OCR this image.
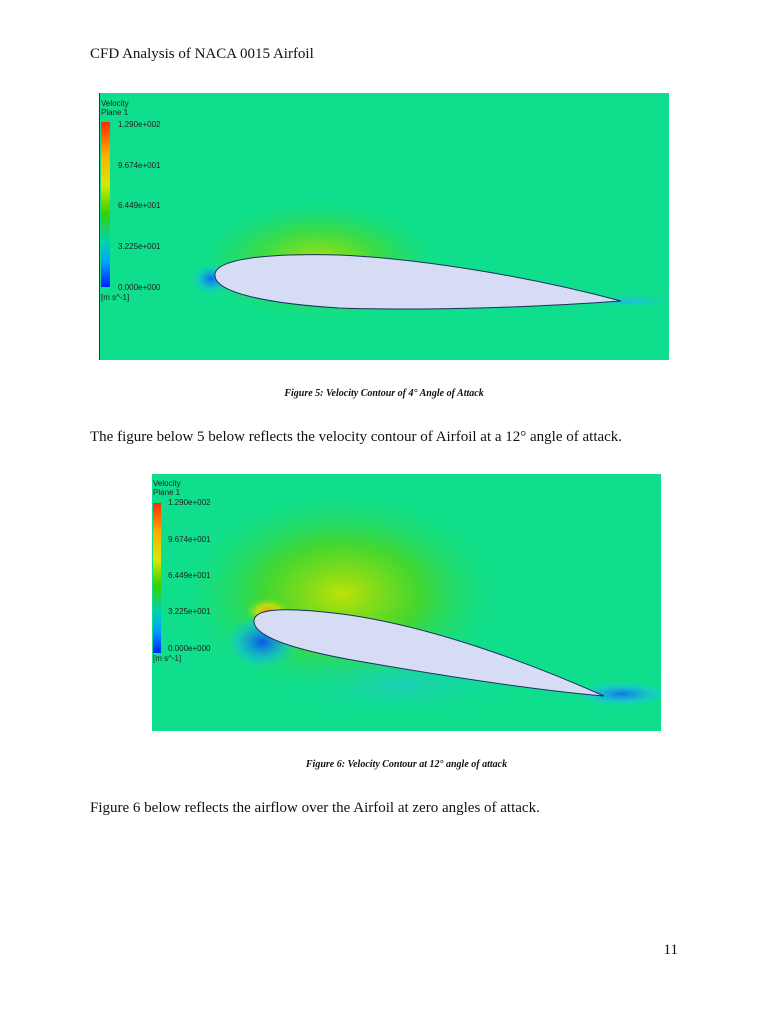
CFD Analysis of NACA 0015 Airfoil
Velocity
Plane 1
1.290e+002
9.674e+001
6.449e+001
3.225e+001
0.000e+000
[m s^-1]
Figure 5: Velocity Contour of 4° Angle of Attack
The figure below 5 below reflects the velocity contour of Airfoil at a 12° angle of attack.
Velocity
Plane 1
1.290e+002
9.674e+001
6.449e+001
3.225e+001
0.000e+000
[m s^-1]
Figure 6: Velocity Contour at 12° angle of attack
Figure 6 below reflects the airflow over the Airfoil at zero angles of attack.
11
